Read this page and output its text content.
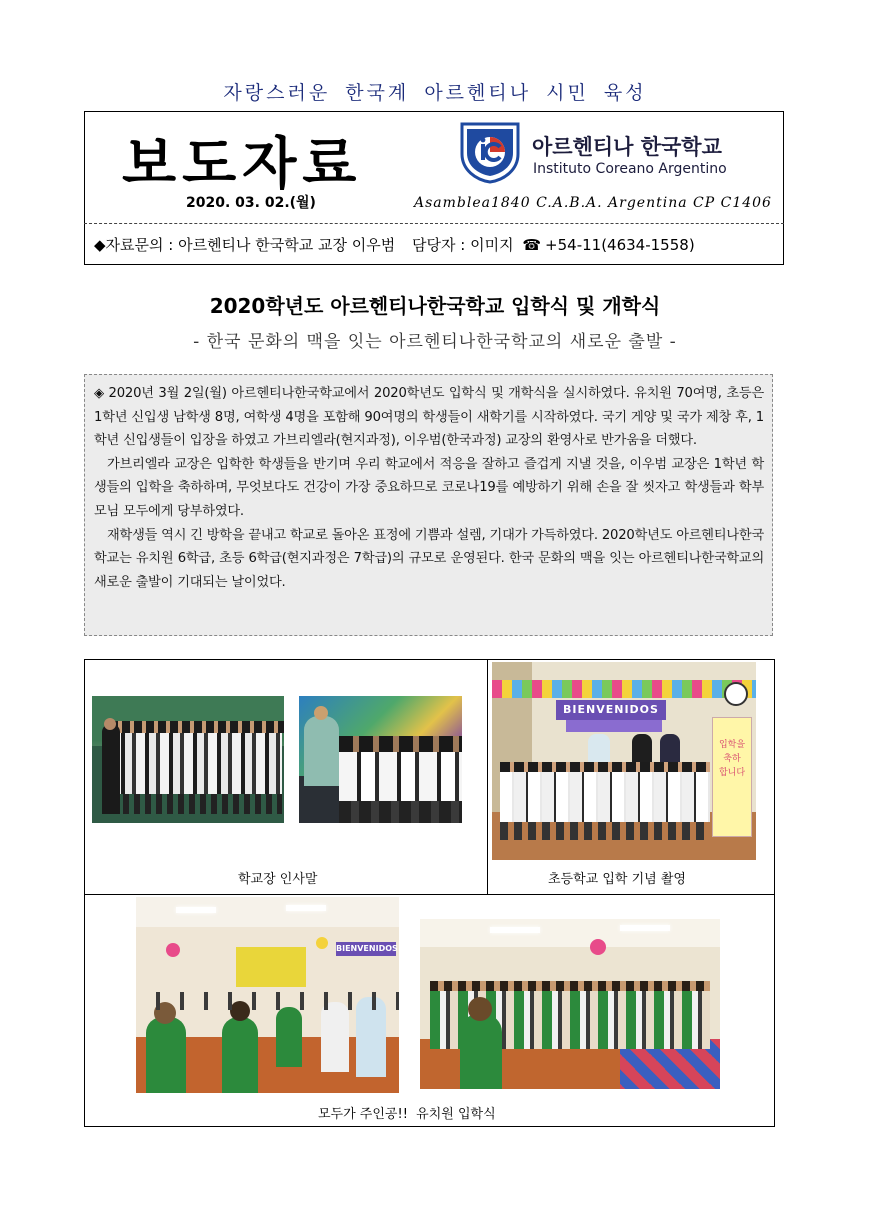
자랑스러운 한국계 아르헨티나 시민 육성
보도자료
2020. 03. 02.(월)
아르헨티나 한국학교
Instituto Coreano Argentino
Asamblea1840 C.A.B.A. Argentina CP C1406
◆자료문의 : 아르헨티나 한국학교 교장 이우범 담당자 : 이미지 ☎ +54-11(4634-1558)
2020학년도 아르헨티나한국학교 입학식 및 개학식
- 한국 문화의 맥을 잇는 아르헨티나한국학교의 새로운 출발 -

◈ 2020년 3월 2일(월) 아르헨티나한국학교에서 2020학년도 입학식 및 개학식을 실시하였다. 유치원 70여명, 초등은 1학년 신입생 남학생 8명, 여학생 4명을 포함해 90여명의 학생들이 새학기를 시작하였다. 국기 게양 및 국가 제창 후, 1학년 신입생들이 입장을 하였고 가브리엘라(현지과정), 이우범(한국과정) 교장의 환영사로 반가움을 더했다.

가브리엘라 교장은 입학한 학생들을 반기며 우리 학교에서 적응을 잘하고 즐겁게 지낼 것을, 이우범 교장은 1학년 학생들의 입학을 축하하며, 무엇보다도 건강이 가장 중요하므로 코로나19를 예방하기 위해 손을 잘 씻자고 학생들과 학부모님 모두에게 당부하였다.

재학생들 역시 긴 방학을 끝내고 학교로 돌아온 표정에 기쁨과 설렘, 기대가 가득하였다. 2020학년도 아르헨티나한국학교는 유치원 6학급, 초등 6학급(현지과정은 7학급)의 규모로 운영된다. 한국 문화의 맥을 잇는 아르헨티나한국학교의 새로운 출발이 기대되는 날이었다.

학교장 인사말
BIENVENIDOS
입학을
축하
합니다
초등학교 입학 기념 촬영
BIENVENIDOS
모두가 주인공!!  유치원 입학식
